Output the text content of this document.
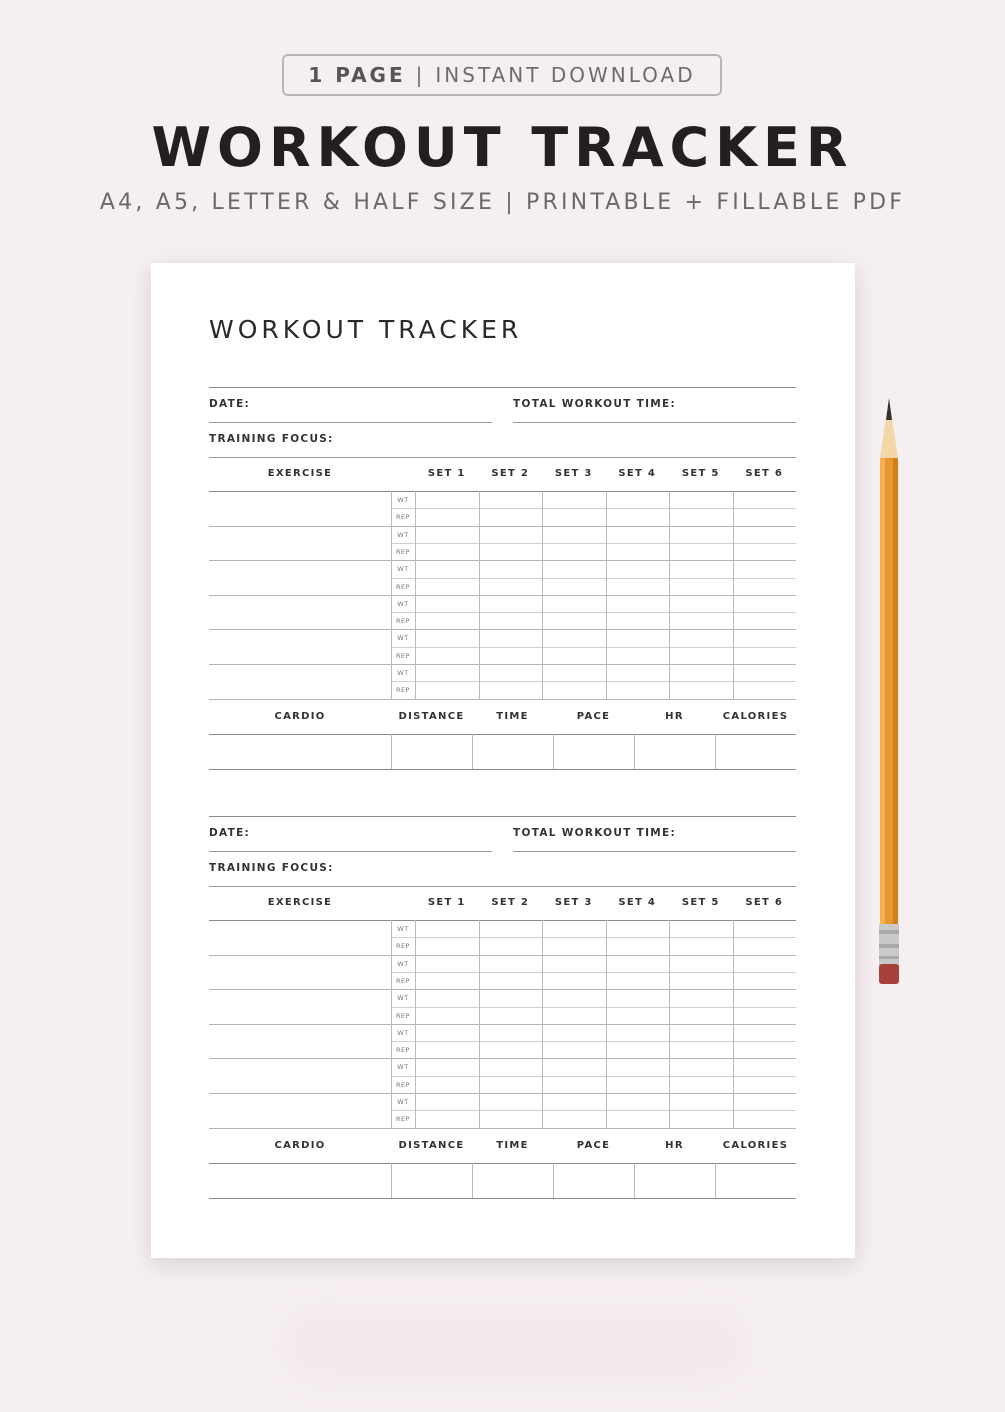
1 PAGE | INSTANT DOWNLOAD
WORKOUT TRACKER
A4, A5, LETTER & HALF SIZE | PRINTABLE + FILLABLE PDF
WORKOUT TRACKER
DATE:	TOTAL WORKOUT TIME:
TRAINING FOCUS:
EXERCISE	SET 1	SET 2	SET 3	SET 4	SET 5	SET 6
WT
REP
WT
REP
WT
REP
WT
REP
WT
REP
WT
REP
CARDIO	DISTANCE	TIME	PACE	HR	CALORIES
DATE:	TOTAL WORKOUT TIME:
TRAINING FOCUS:
EXERCISE	SET 1	SET 2	SET 3	SET 4	SET 5	SET 6
WT
REP
WT
REP
WT
REP
WT
REP
WT
REP
WT
REP
CARDIO	DISTANCE	TIME	PACE	HR	CALORIES
